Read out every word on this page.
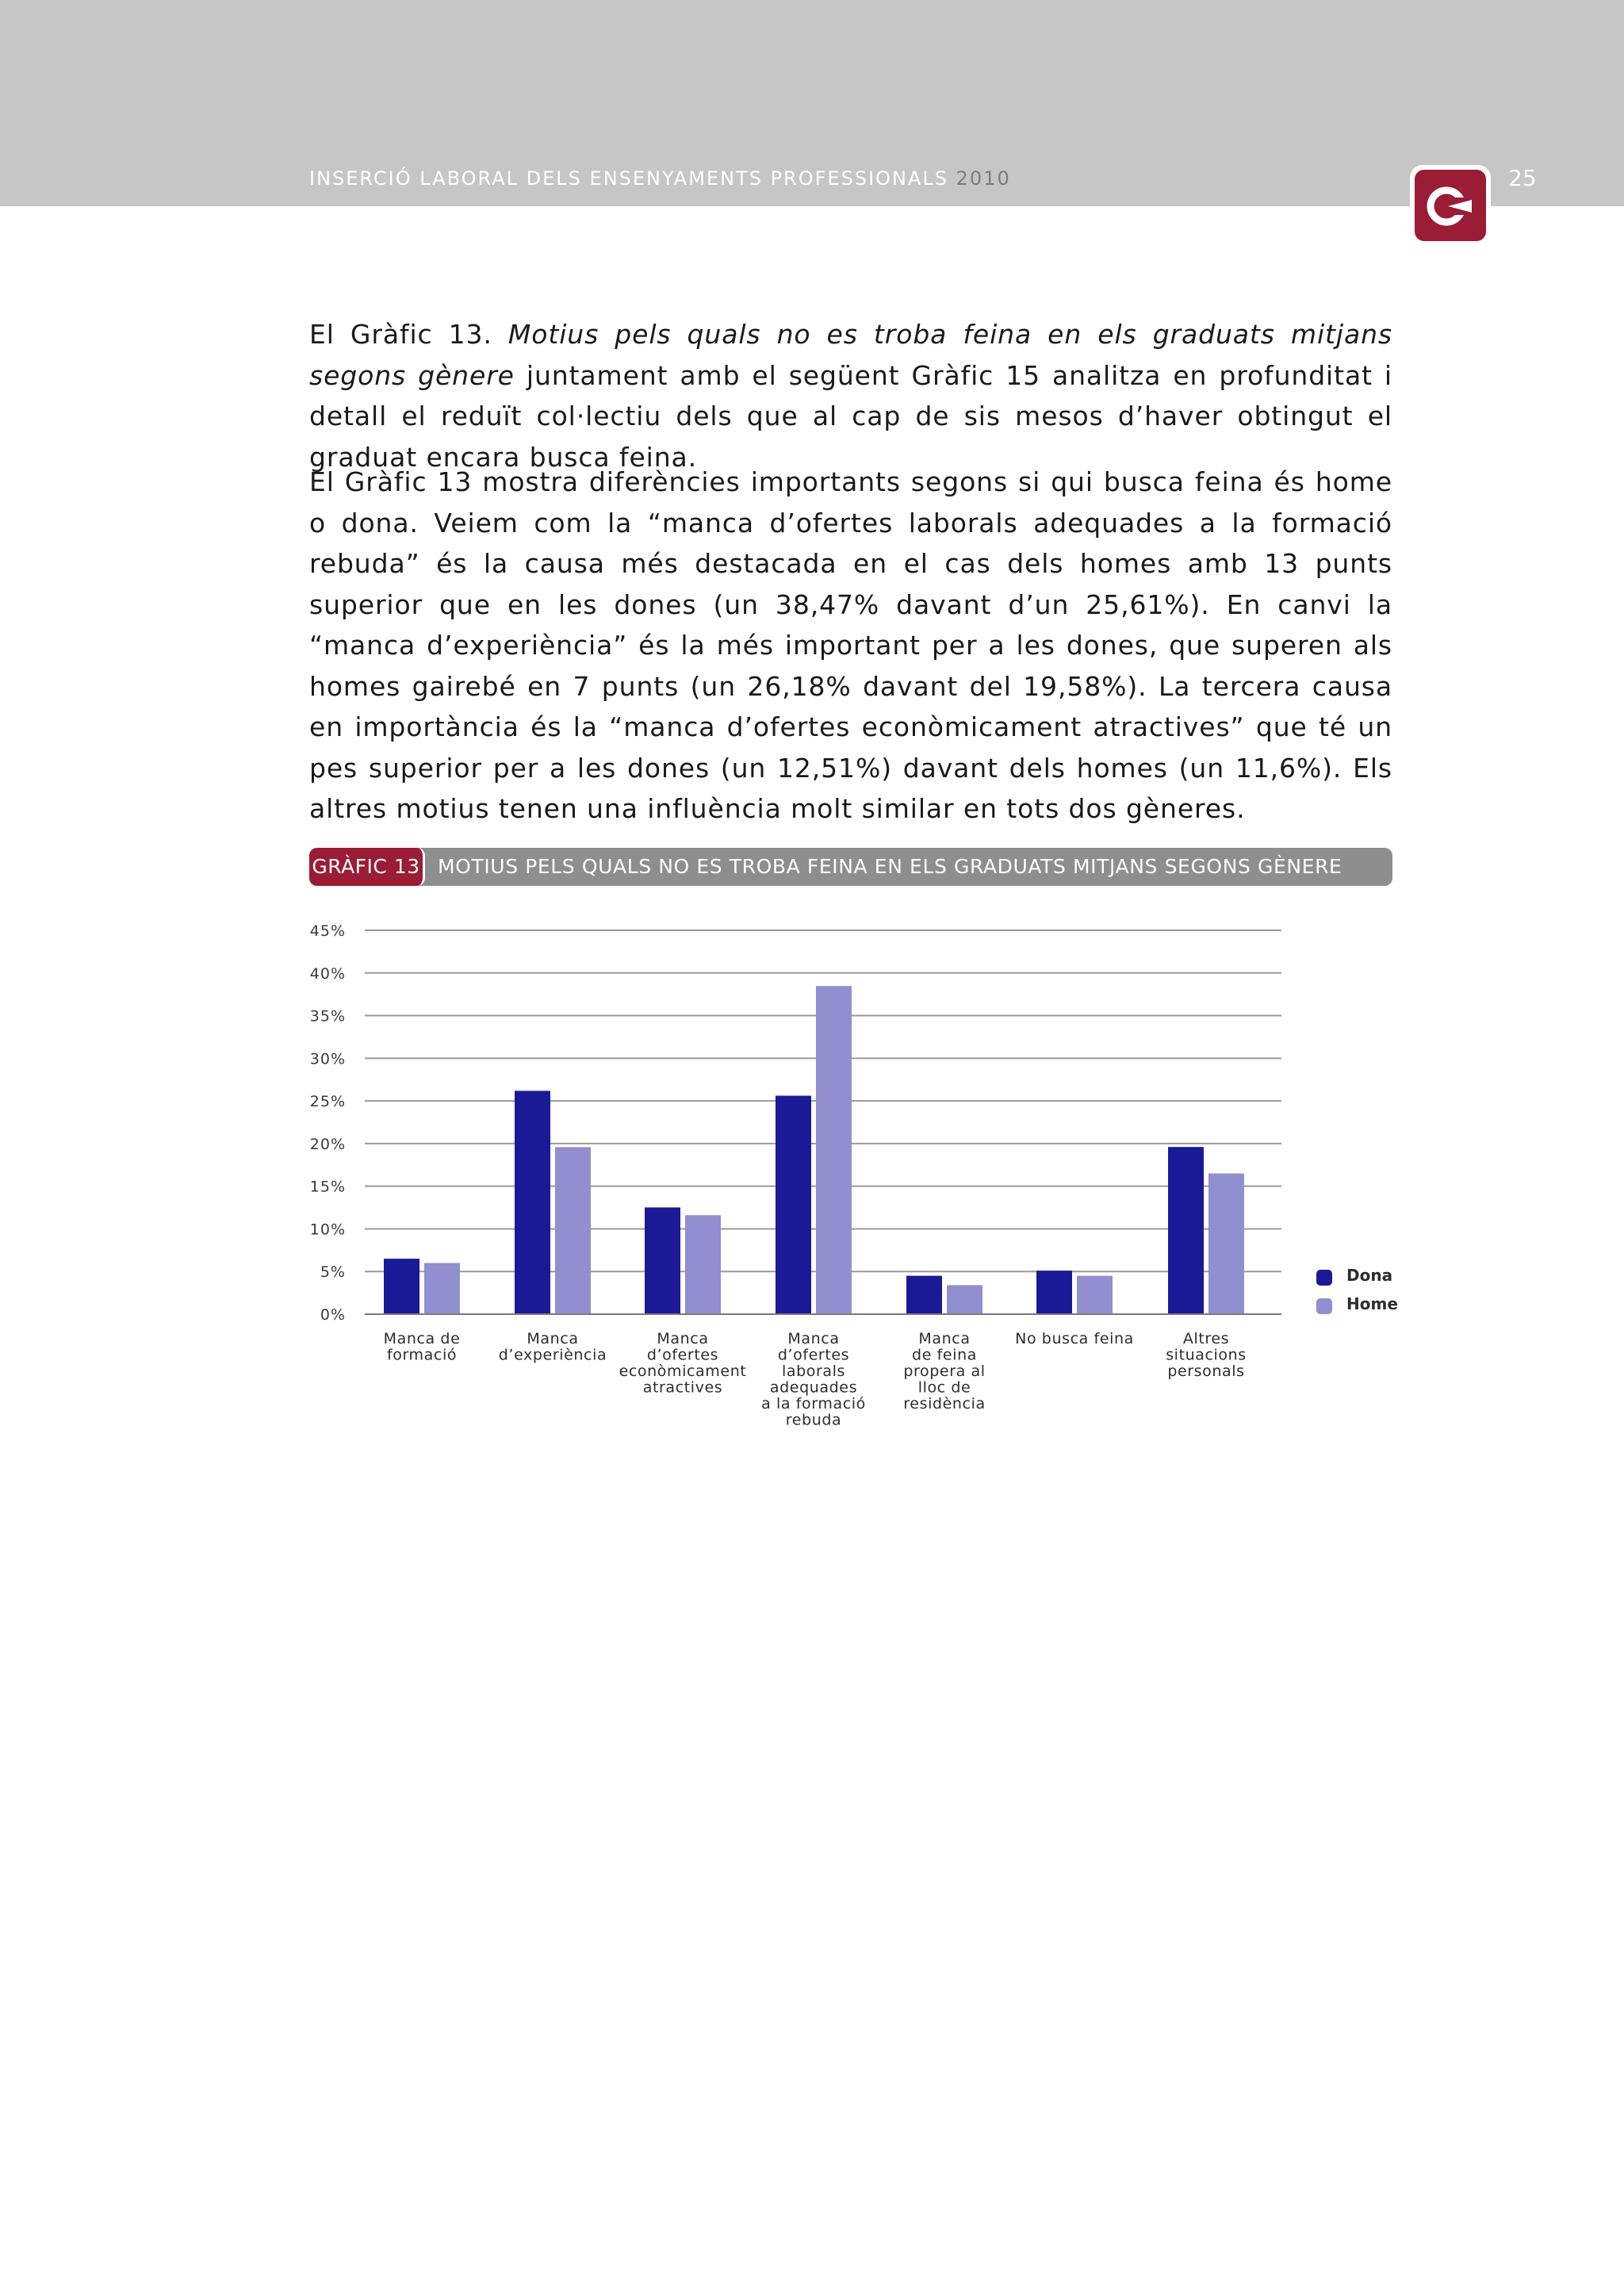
INSERCIÓ LABORAL DELS ENSENYAMENTS PROFESSIONALS 2010	25

El Gràfic 13. Motius pels quals no es troba feina en els graduats mitjans segons gènere juntament amb el següent Gràfic 15 analitza en profunditat i detall el reduït col·lectiu dels que al cap de sis mesos d’haver obtingut el graduat encara busca feina.

El Gràfic 13 mostra diferències importants segons si qui busca feina és home o dona. Veiem com la “manca d’ofertes laborals adequades a la formació rebuda” és la causa més destacada en el cas dels homes amb 13 punts superior que en les dones (un 38,47% davant d’un 25,61%). En canvi la “manca d’experiència” és la més important per a les dones, que superen als homes gairebé en 7 punts (un 26,18% davant del 19,58%). La tercera causa en importància és la “manca d’ofertes econòmicament atractives” que té un pes superior per a les dones (un 12,51%) davant dels homes (un 11,6%). Els altres motius tenen una influència molt similar en tots dos gèneres.

GRÀFIC 13 MOTIUS PELS QUALS NO ES TROBA FEINA EN ELS GRADUATS MITJANS SEGONS GÈNERE
0%
5%
10%
15%
20%
25%
30%
35%
40%
45%
Manca de
formació
Manca
d’experiència
Manca
d’ofertes
econòmicament
atractives
Manca
d’ofertes
laborals
adequades
a la formació
rebuda
Manca
de feina
propera al
lloc de
residència
No busca feina	Altres
situacions
personals
Dona
Home
